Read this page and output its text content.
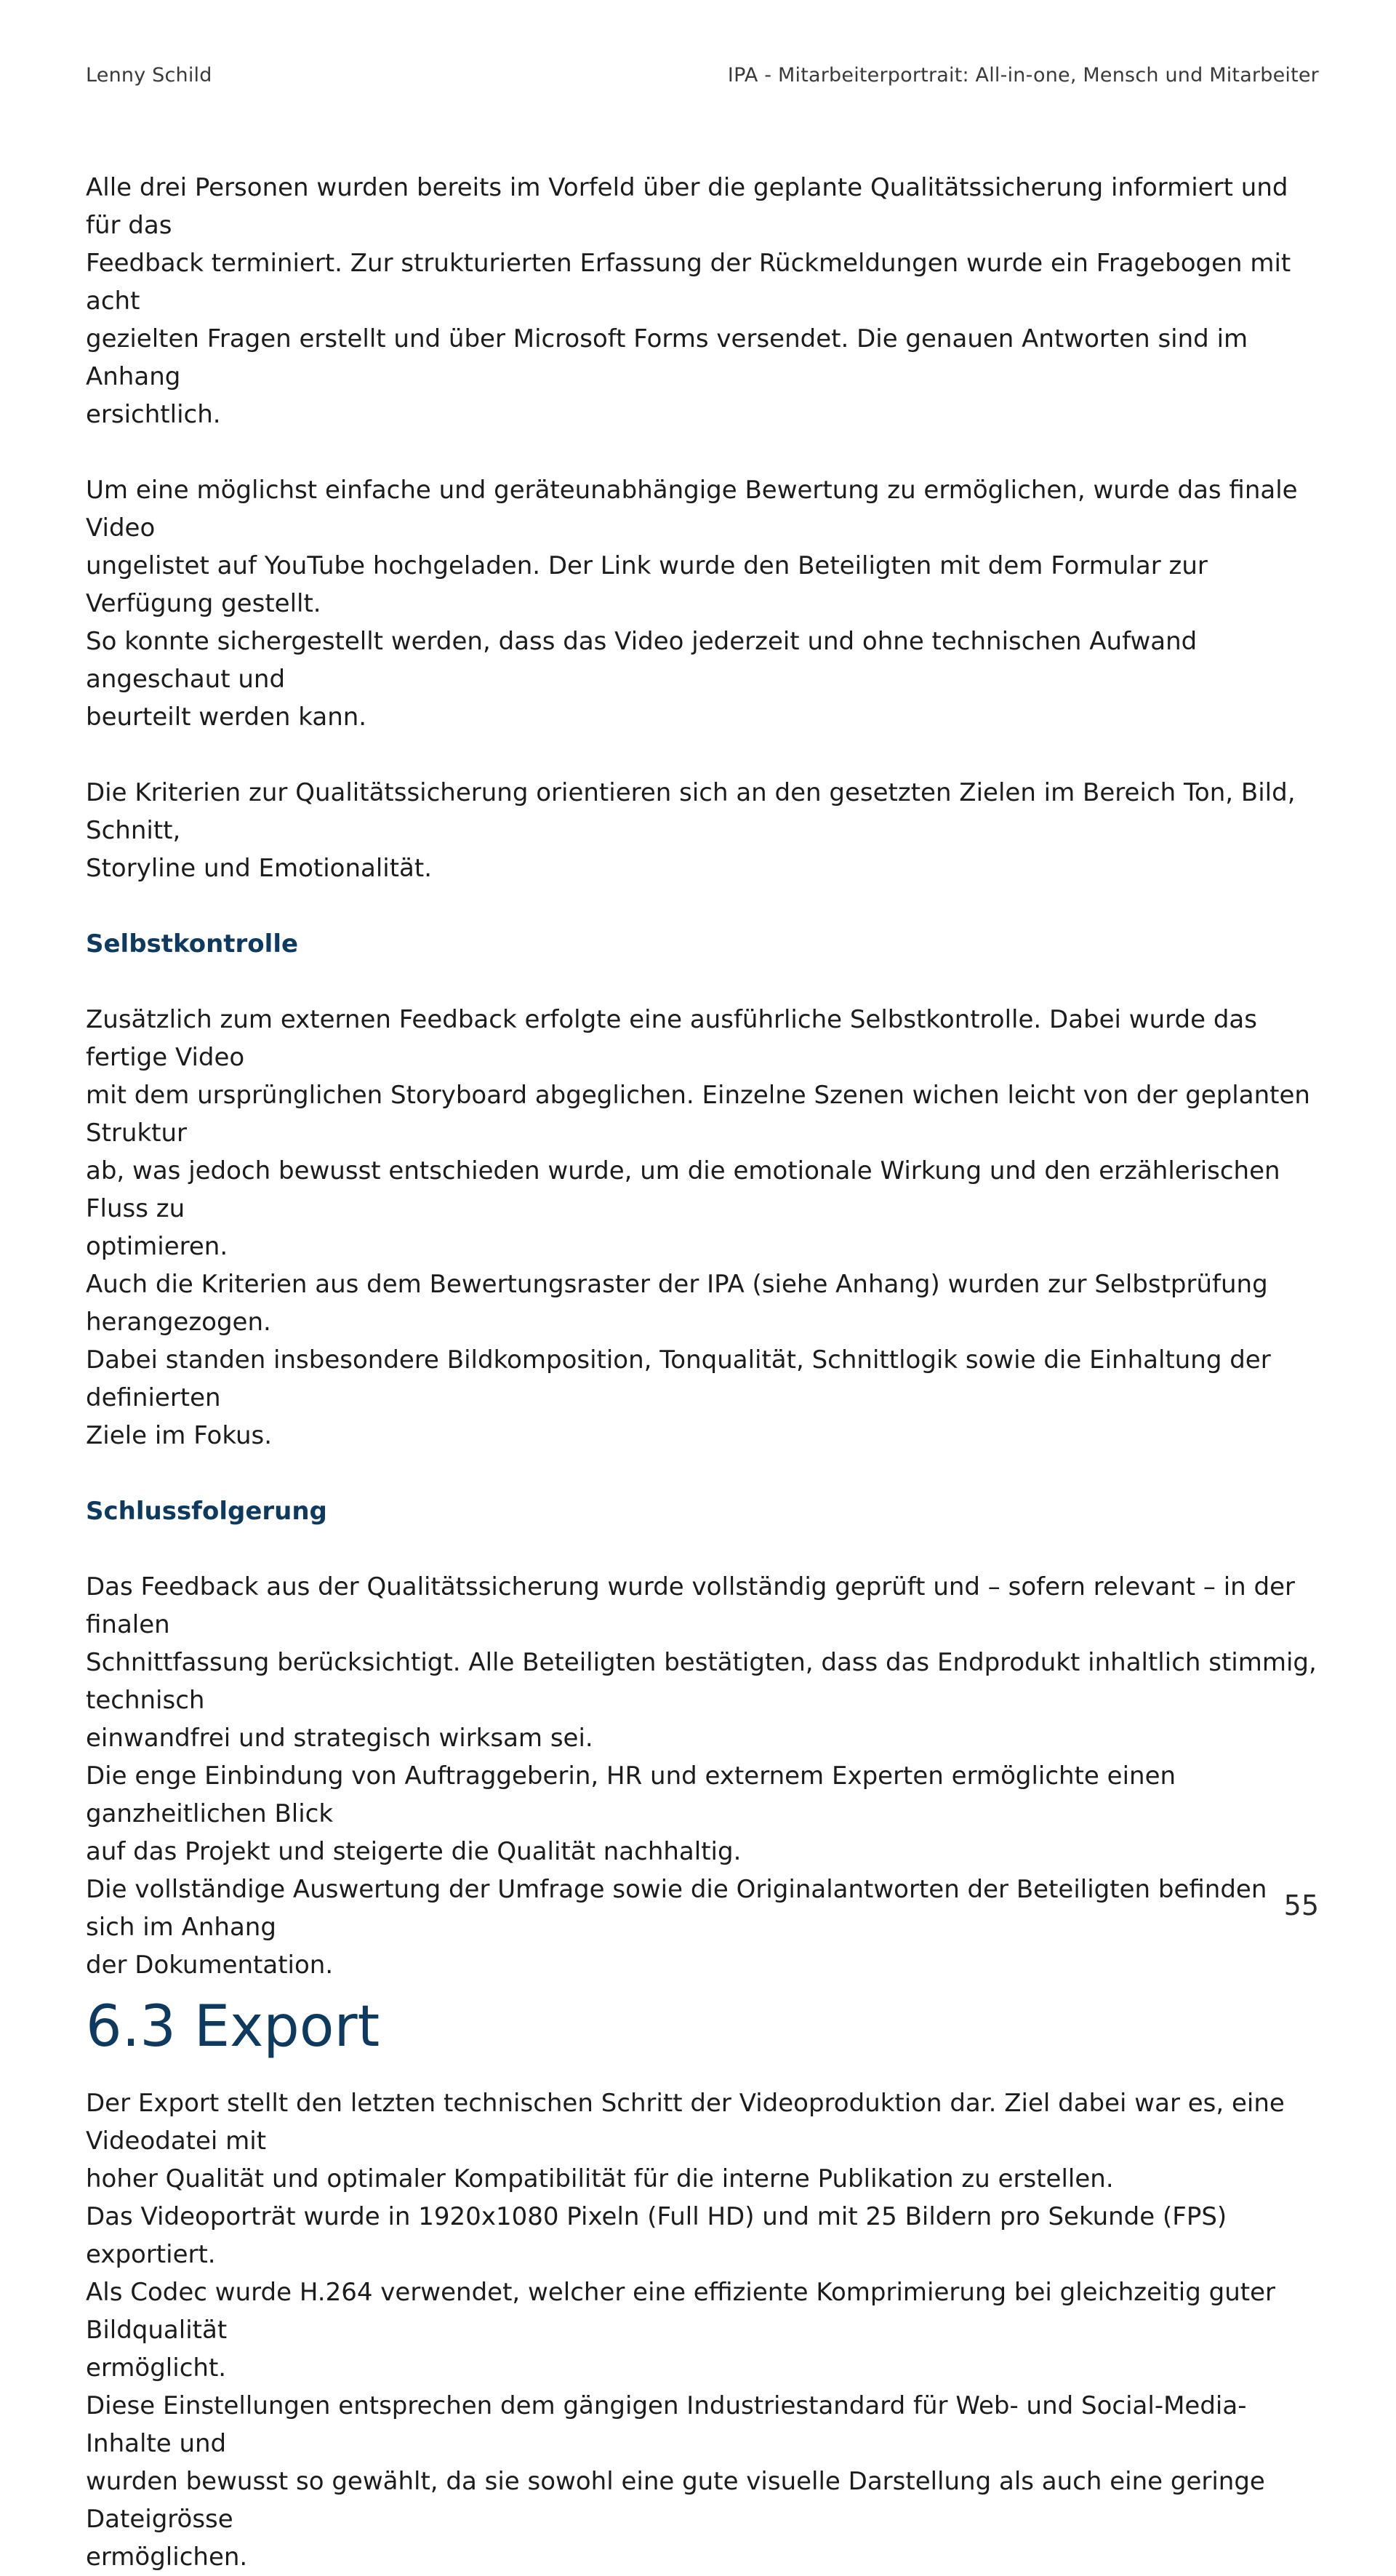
Lenny Schild	IPA - Mitarbeiterportrait: All-in-one, Mensch und Mitarbeiter

Alle drei Personen wurden bereits im Vorfeld über die geplante Qualitätssicherung informiert und für das
Feedback terminiert. Zur strukturierten Erfassung der Rückmeldungen wurde ein Fragebogen mit acht
gezielten Fragen erstellt und über Microsoft Forms versendet. Die genauen Antworten sind im Anhang
ersichtlich.

Um eine möglichst einfache und geräteunabhängige Bewertung zu ermöglichen, wurde das finale Video
ungelistet auf YouTube hochgeladen. Der Link wurde den Beteiligten mit dem Formular zur Verfügung gestellt.
So konnte sichergestellt werden, dass das Video jederzeit und ohne technischen Aufwand angeschaut und
beurteilt werden kann.

Die Kriterien zur Qualitätssicherung orientieren sich an den gesetzten Zielen im Bereich Ton, Bild, Schnitt,
Storyline und Emotionalität.

Selbstkontrolle

Zusätzlich zum externen Feedback erfolgte eine ausführliche Selbstkontrolle. Dabei wurde das fertige Video
mit dem ursprünglichen Storyboard abgeglichen. Einzelne Szenen wichen leicht von der geplanten Struktur
ab, was jedoch bewusst entschieden wurde, um die emotionale Wirkung und den erzählerischen Fluss zu
optimieren.
Auch die Kriterien aus dem Bewertungsraster der IPA (siehe Anhang) wurden zur Selbstprüfung herangezogen.
Dabei standen insbesondere Bildkomposition, Tonqualität, Schnittlogik sowie die Einhaltung der definierten
Ziele im Fokus.

Schlussfolgerung

Das Feedback aus der Qualitätssicherung wurde vollständig geprüft und – sofern relevant – in der finalen
Schnittfassung berücksichtigt. Alle Beteiligten bestätigten, dass das Endprodukt inhaltlich stimmig, technisch
einwandfrei und strategisch wirksam sei.
Die enge Einbindung von Auftraggeberin, HR und externem Experten ermöglichte einen ganzheitlichen Blick
auf das Projekt und steigerte die Qualität nachhaltig.
Die vollständige Auswertung der Umfrage sowie die Originalantworten der Beteiligten befinden sich im Anhang
der Dokumentation.

6.3 Export

Der Export stellt den letzten technischen Schritt der Videoproduktion dar. Ziel dabei war es, eine Videodatei mit
hoher Qualität und optimaler Kompatibilität für die interne Publikation zu erstellen.
Das Videoporträt wurde in 1920x1080 Pixeln (Full HD) und mit 25 Bildern pro Sekunde (FPS) exportiert.
Als Codec wurde H.264 verwendet, welcher eine effiziente Komprimierung bei gleichzeitig guter Bildqualität
ermöglicht.
Diese Einstellungen entsprechen dem gängigen Industriestandard für Web- und Social-Media-Inhalte und
wurden bewusst so gewählt, da sie sowohl eine gute visuelle Darstellung als auch eine geringe Dateigrösse
ermöglichen.

55
